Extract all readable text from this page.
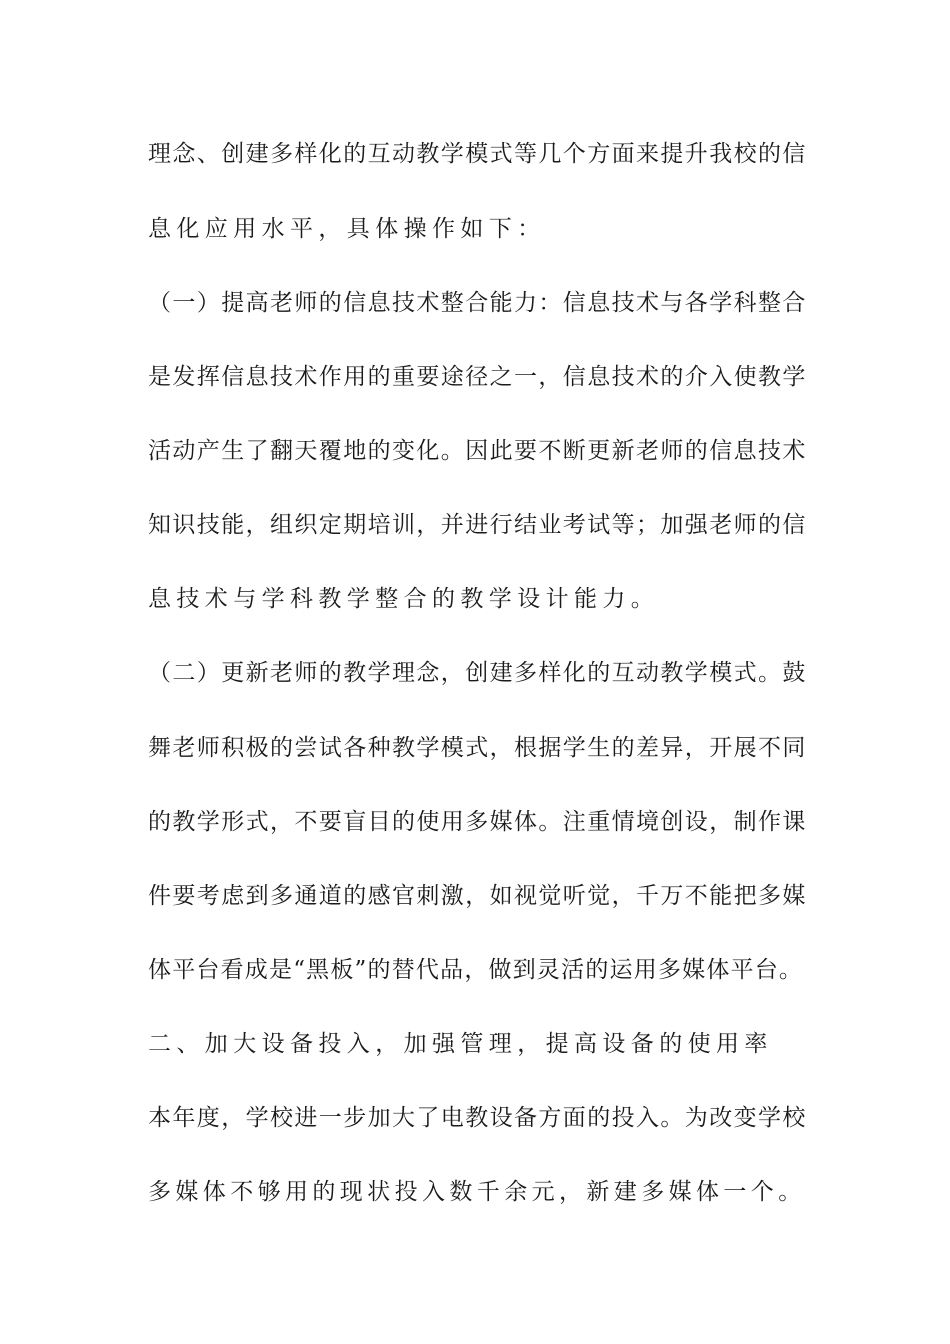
理念、创建多样化的互动教学模式等几个方面来提升我校的信
息化应用水平，具体操作如下：
（一）提高老师的信息技术整合能力：信息技术与各学科整合
是发挥信息技术作用的重要途径之一，信息技术的介入使教学
活动产生了翻天覆地的变化。因此要不断更新老师的信息技术
知识技能，组织定期培训，并进行结业考试等；加强老师的信
息技术与学科教学整合的教学设计能力。
（二）更新老师的教学理念，创建多样化的互动教学模式。鼓
舞老师积极的尝试各种教学模式，根据学生的差异，开展不同
的教学形式，不要盲目的使用多媒体。注重情境创设，制作课
件要考虑到多通道的感官刺激，如视觉听觉，千万不能把多媒
体平台看成是“黑板”的替代品，做到灵活的运用多媒体平台。
二、加大设备投入，加强管理，提高设备的使用率
本年度，学校进一步加大了电教设备方面的投入。为改变学校
多媒体不够用的现状投入数千余元，新建多媒体一个。
